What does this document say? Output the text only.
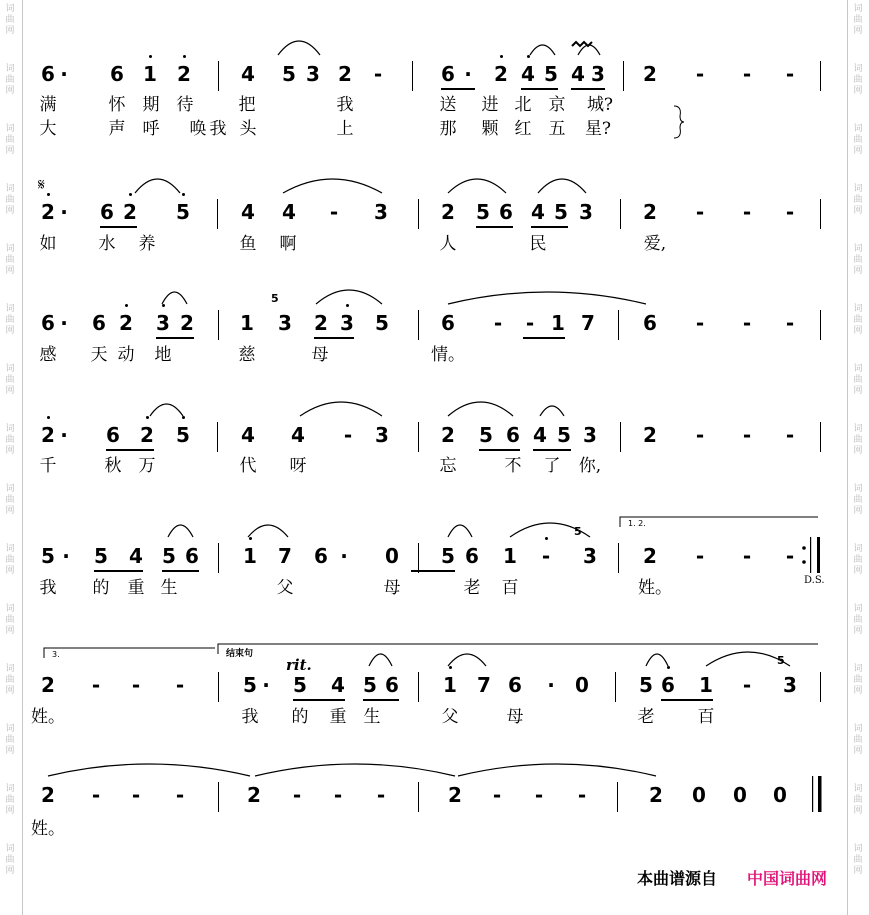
词
曲
网
词
曲
网
词
曲
网
词
曲
网
词
曲
网
词
曲
网
词
曲
网
词
曲
网
词
曲
网
词
曲
网
词
曲
网
词
曲
网
词
曲
网
词
曲
网
词
曲
网
词
曲
网
词
曲
网
词
曲
网
词
曲
网
词
曲
网
词
曲
网
词
曲
网
词
曲
网
词
曲
网
词
曲
网
词
曲
网
词
曲
网
词
曲
网
词
曲
网
词
曲
网
6 · 6 1 2	4 5 3 2 -	6 · 2 4 5 4 3 2 - - -
满	怀 期 待	把	我	送 进 北 京 城?
大	声 呼 唤 我 头	上	那 颗 红 五 星?
2 · 6 2 5	4 4 - 3	2 5 6 4 5 3	2 - - -
如 水 养	鱼 啊	人	民	爱,
𝄋
6 · 6 2 3 2 1 3 2 3 5	6 - - 1 7 6 - - -
5
感 天 动 地	慈	母	情。
2 · 6 2 5	4 4 - 3	2 5 6 4 5 3 2 - - -
千	秋 万	代 呀	忘	不 了 你,
5 · 5 4 5 6 1 7 6 · 0 5 6 1 - 3 2 - - -
5
我 的 重 生	父	母	老 百	姓。	D.S.
2 - - -	5 · 5 4 5 6 1 7 6 · 0	5 6 1 - 3
5
姓。	我 的 重 生	父	母	老	百
rit.
2 - - -	2 - - -	2 - - -	2 0 0 0
姓。
1. 2.
3.	结束句
本曲谱源自 中国词曲网
